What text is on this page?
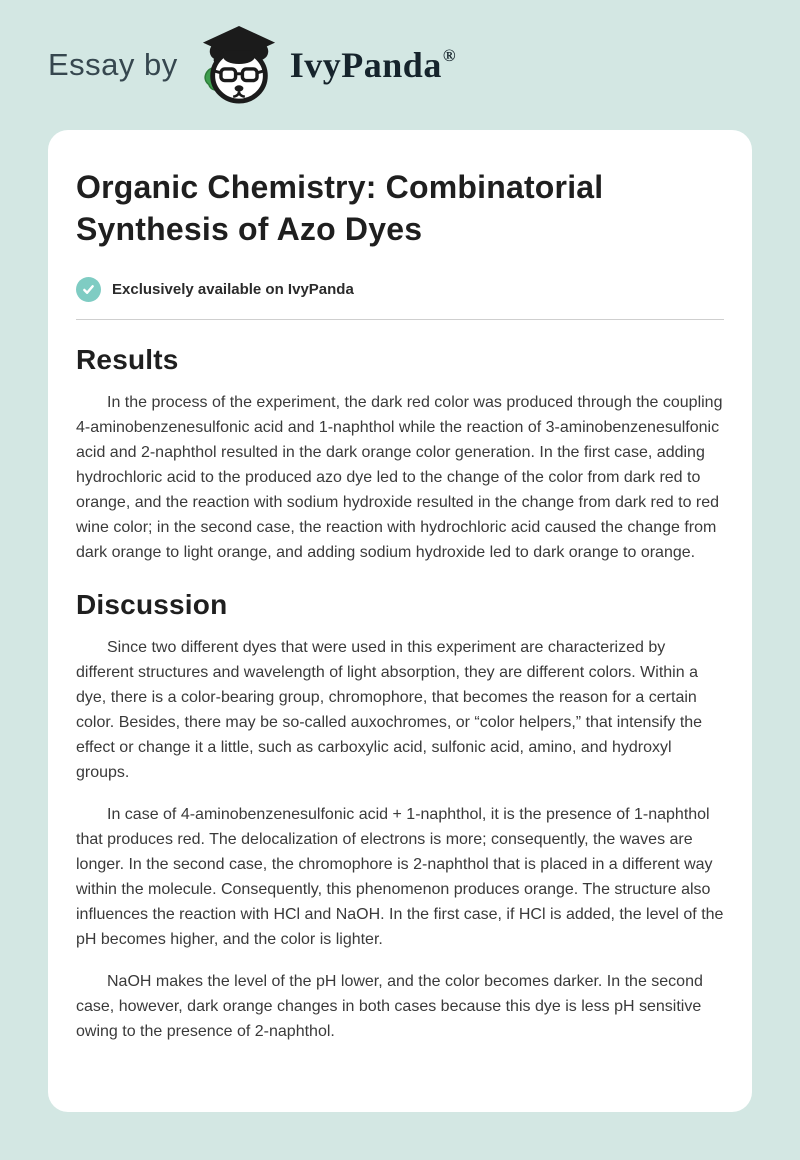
Essay by	IvyPanda®
Organic Chemistry: Combinatorial Synthesis of Azo Dyes
Exclusively available on IvyPanda
Results

In the process of the experiment, the dark red color was produced through the coupling 4-aminobenzenesulfonic acid and 1-naphthol while the reaction of 3-aminobenzenesulfonic acid and 2-naphthol resulted in the dark orange color generation. In the first case, adding hydrochloric acid to the produced azo dye led to the change of the color from dark red to orange, and the reaction with sodium hydroxide resulted in the change from dark red to red wine color; in the second case, the reaction with hydrochloric acid caused the change from dark orange to light orange, and adding sodium hydroxide led to dark orange to orange.

Discussion

Since two different dyes that were used in this experiment are characterized by different structures and wavelength of light absorption, they are different colors. Within a dye, there is a color-bearing group, chromophore, that becomes the reason for a certain color. Besides, there may be so-called auxochromes, or “color helpers,” that intensify the effect or change it a little, such as carboxylic acid, sulfonic acid, amino, and hydroxyl groups.

In case of 4-aminobenzenesulfonic acid + 1-naphthol, it is the presence of 1-naphthol that produces red. The delocalization of electrons is more; consequently, the waves are longer. In the second case, the chromophore is 2-naphthol that is placed in a different way within the molecule. Consequently, this phenomenon produces orange. The structure also influences the reaction with HCl and NaOH. In the first case, if HCl is added, the level of the pH becomes higher, and the color is lighter.

NaOH makes the level of the pH lower, and the color becomes darker. In the second case, however, dark orange changes in both cases because this dye is less pH sensitive owing to the presence of 2-naphthol.
